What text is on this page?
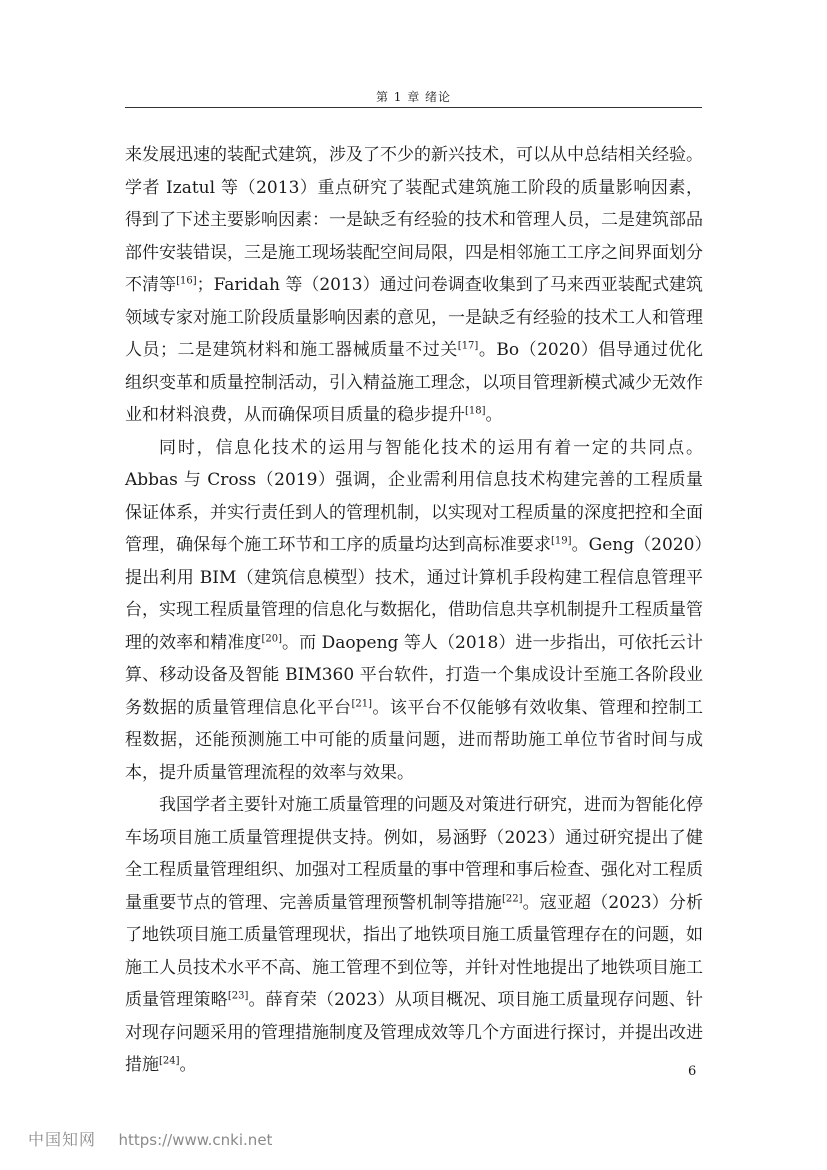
第 1 章 绪论

来发展迅速的装配式建筑，涉及了不少的新兴技术，可以从中总结相关经验。学者 Izatul 等（2013）重点研究了装配式建筑施工阶段的质量影响因素，得到了下述主要影响因素：一是缺乏有经验的技术和管理人员，二是建筑部品部件安装错误，三是施工现场装配空间局限，四是相邻施工工序之间界面划分不清等[16]；Faridah 等（2013）通过问卷调查收集到了马来西亚装配式建筑领域专家对施工阶段质量影响因素的意见，一是缺乏有经验的技术工人和管理人员；二是建筑材料和施工器械质量不过关[17]。Bo（2020）倡导通过优化组织变革和质量控制活动，引入精益施工理念，以项目管理新模式减少无效作业和材料浪费，从而确保项目质量的稳步提升[18]。

同时，信息化技术的运用与智能化技术的运用有着一定的共同点。Abbas 与 Cross（2019）强调，企业需利用信息技术构建完善的工程质量保证体系，并实行责任到人的管理机制，以实现对工程质量的深度把控和全面管理，确保每个施工环节和工序的质量均达到高标准要求[19]。Geng（2020）提出利用 BIM（建筑信息模型）技术，通过计算机手段构建工程信息管理平台，实现工程质量管理的信息化与数据化，借助信息共享机制提升工程质量管理的效率和精准度[20]。而 Daopeng 等人（2018）进一步指出，可依托云计算、移动设备及智能 BIM360 平台软件，打造一个集成设计至施工各阶段业务数据的质量管理信息化平台[21]。该平台不仅能够有效收集、管理和控制工程数据，还能预测施工中可能的质量问题，进而帮助施工单位节省时间与成本，提升质量管理流程的效率与效果。

我国学者主要针对施工质量管理的问题及对策进行研究，进而为智能化停车场项目施工质量管理提供支持。例如，易涵野（2023）通过研究提出了健全工程质量管理组织、加强对工程质量的事中管理和事后检查、强化对工程质量重要节点的管理、完善质量管理预警机制等措施[22]。寇亚超（2023）分析了地铁项目施工质量管理现状，指出了地铁项目施工质量管理存在的问题，如施工人员技术水平不高、施工管理不到位等，并针对性地提出了地铁项目施工质量管理策略[23]。薛育荣（2023）从项目概况、项目施工质量现存问题、针对现存问题采用的管理措施制度及管理成效等几个方面进行探讨，并提出改进措施[24]。	6
中国知网 https://www.cnki.net
